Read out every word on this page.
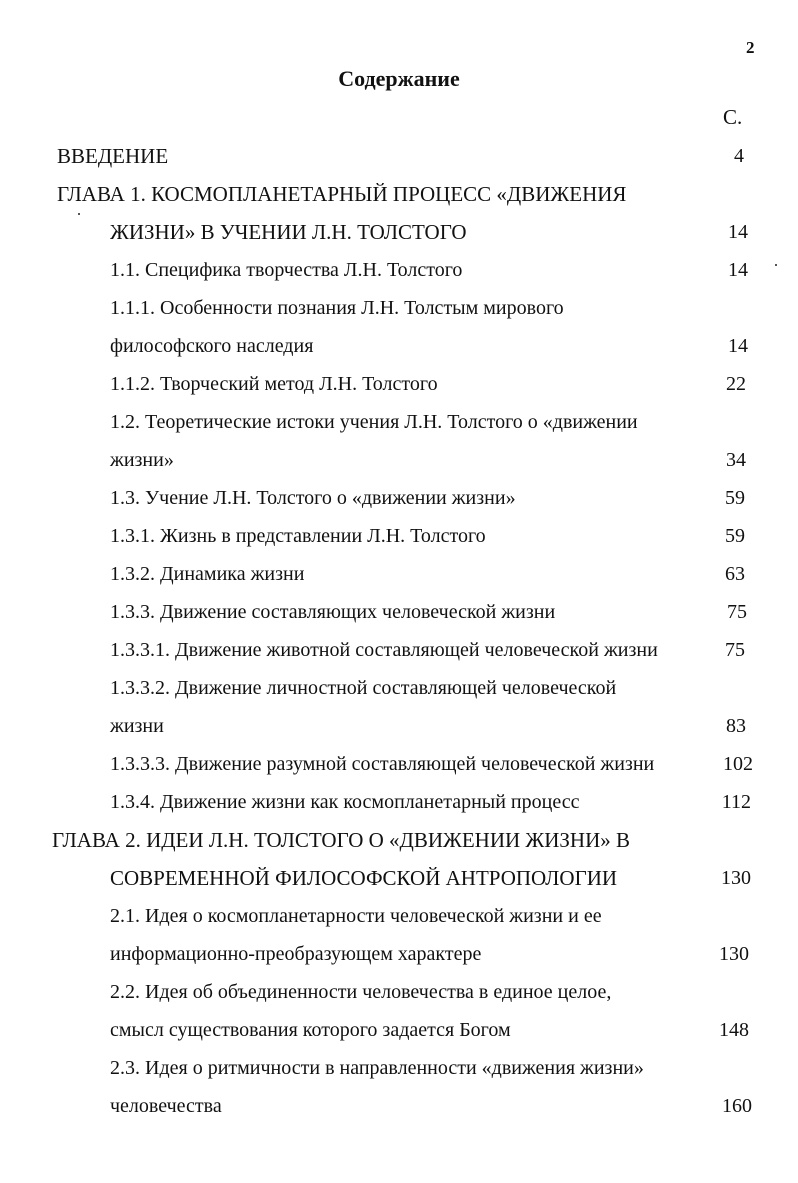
2
Содержание
С.
ВВЕДЕНИЕ	4
ГЛАВА 1. КОСМОПЛАНЕТАРНЫЙ ПРОЦЕСС «ДВИЖЕНИЯ
ЖИЗНИ» В УЧЕНИИ Л.Н. ТОЛСТОГО	14
1.1. Специфика творчества Л.Н. Толстого	14
1.1.1. Особенности познания Л.Н. Толстым мирового
философского наследия	14
1.1.2. Творческий метод Л.Н. Толстого	22
1.2. Теоретические истоки учения Л.Н. Толстого о «движении
жизни»	34
1.3. Учение Л.Н. Толстого о «движении жизни»	59
1.3.1. Жизнь в представлении Л.Н. Толстого	59
1.3.2. Динамика жизни	63
1.3.3. Движение составляющих человеческой жизни	75
1.3.3.1. Движение животной составляющей человеческой жизни	75
1.3.3.2. Движение личностной составляющей человеческой
жизни	83
1.3.3.3. Движение разумной составляющей человеческой жизни	102
1.3.4. Движение жизни как космопланетарный процесс	112
ГЛАВА 2. ИДЕИ Л.Н. ТОЛСТОГО О «ДВИЖЕНИИ ЖИЗНИ» В
СОВРЕМЕННОЙ ФИЛОСОФСКОЙ АНТРОПОЛОГИИ	130
2.1. Идея о космопланетарности человеческой жизни и ее
информационно-преобразующем характере	130
2.2. Идея об объединенности человечества в единое целое,
смысл существования которого задается Богом	148
2.3. Идея о ритмичности в направленности «движения жизни»
человечества	160
